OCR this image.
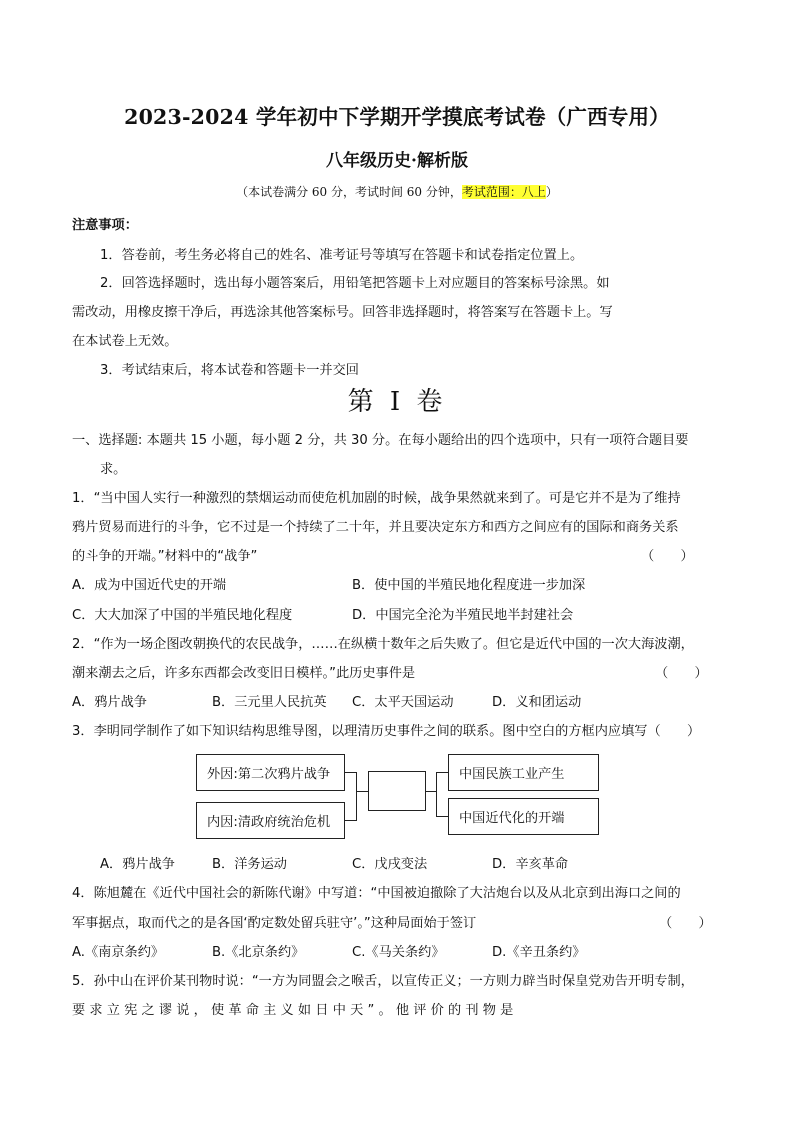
2023-2024 学年初中下学期开学摸底考试卷（广西专用）
八年级历史·解析版
（本试卷满分 60 分，考试时间 60 分钟，考试范围：八上）
注意事项：
1．答卷前，考生务必将自己的姓名、准考证号等填写在答题卡和试卷指定位置上。
2．回答选择题时，选出每小题答案后，用铅笔把答题卡上对应题目的答案标号涂黑。如
需改动，用橡皮擦干净后，再选涂其他答案标号。回答非选择题时，将答案写在答题卡上。写
在本试卷上无效。
3．考试结束后，将本试卷和答题卡一并交回
第 I 卷
一、选择题: 本题共 15 小题，每小题 2 分，共 30 分。在每小题给出的四个选项中，只有一项符合题目要
求。
1．“当中国人实行一种激烈的禁烟运动而使危机加剧的时候，战争果然就来到了。可是它并不是为了维持
鸦片贸易而进行的斗争，它不过是一个持续了二十年，并且要决定东方和西方之间应有的国际和商务关系
的斗争的开端。”材料中的“战争”	（　　）
A．成为中国近代史的开端	B．使中国的半殖民地化程度进一步加深
C．大大加深了中国的半殖民地化程度	D．中国完全沦为半殖民地半封建社会
2．“作为一场企图改朝换代的农民战争，……在纵横十数年之后失败了。但它是近代中国的一次大海波潮，
潮来潮去之后，许多东西都会改变旧日模样。”此历史事件是	（　　）
A．鸦片战争	B．三元里人民抗英 C．太平天国运动	D．义和团运动
3．李明同学制作了如下知识结构思维导图，以理清历史事件之间的联系。图中空白的方框内应填写（　　）
外因:第二次鸦片战争
内因:清政府统治危机
中国民族工业产生
中国近代化的开端
A．鸦片战争	B．洋务运动	C．戊戌变法	D．辛亥革命
4．陈旭麓在《近代中国社会的新陈代谢》中写道：“中国被迫撤除了大沽炮台以及从北京到出海口之间的
军事据点，取而代之的是各国‘酌定数处留兵驻守’。”这种局面始于签订	（　　）
A.《南京条约》	B.《北京条约》	C.《马关条约》	D.《辛丑条约》
5．孙中山在评价某刊物时说：“一方为同盟会之喉舌，以宣传正义；一方则力辟当时保皇党劝告开明专制，
要 求 立 宪 之 谬 说 ， 使 革 命 主 义 如 日 中 天 ” 。 他 评 价 的 刊 物 是
